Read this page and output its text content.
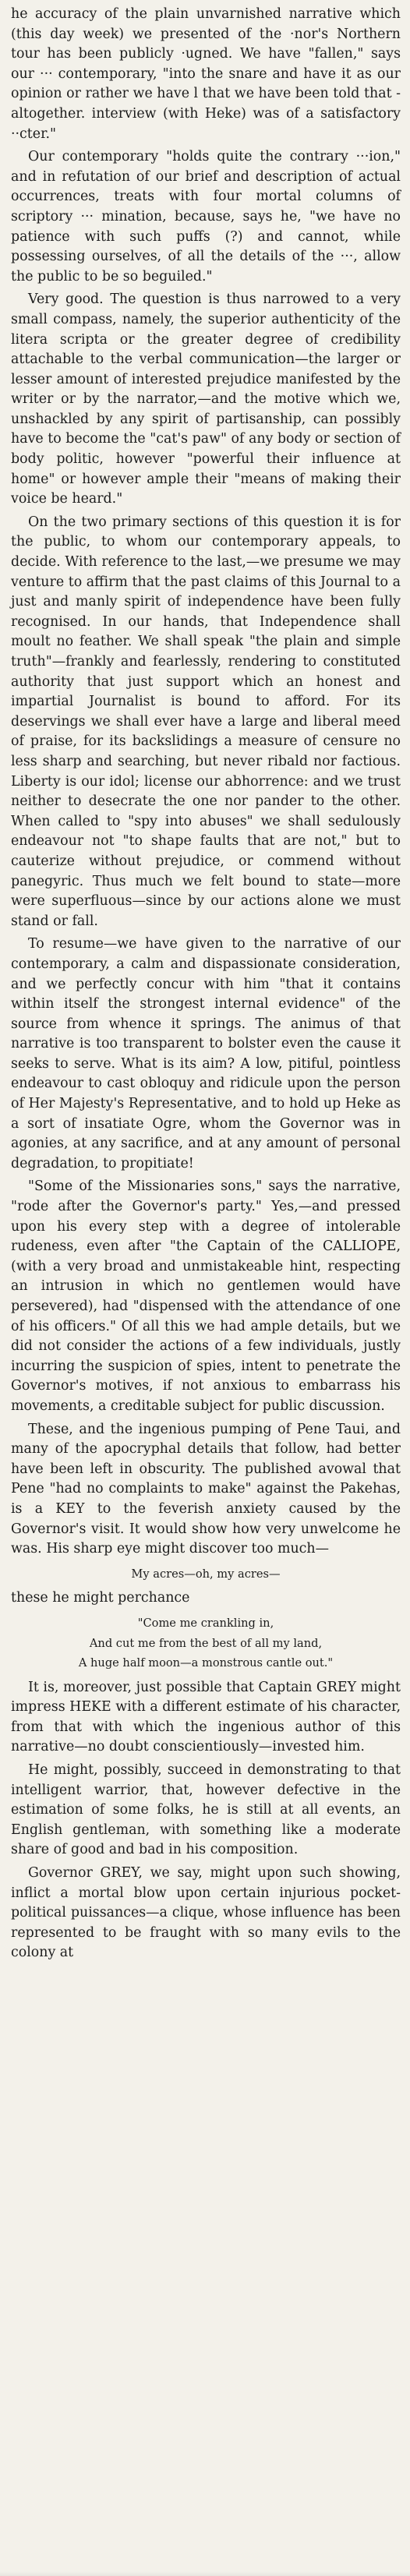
he accuracy of the plain unvarnished narrative which (this day week) we presented of the ·nor's Northern tour has been publicly ·ugned. We have "fallen," says our ··· contemporary, "into the snare and have it as our opinion or rather we have l that we have been told that - altogether. interview (with Heke) was of a satisfactory ··cter."

Our contemporary "holds quite the contrary ···ion," and in refutation of our brief and description of actual occurrences, treats with four mortal columns of scriptory ··· mination, because, says he, "we have no patience with such puffs (?) and cannot, while possessing ourselves, of all the details of the ···, allow the public to be so beguiled."

Very good. The question is thus narrowed to a very small compass, namely, the superior authenticity of the litera scripta or the greater degree of credibility attachable to the verbal communication—the larger or lesser amount of interested prejudice manifested by the writer or by the narrator,—and the motive which we, unshackled by any spirit of partisanship, can possibly have to become the "cat's paw" of any body or section of body politic, however "powerful their influence at home" or however ample their "means of making their voice be heard."

On the two primary sections of this question it is for the public, to whom our contemporary appeals, to decide. With reference to the last,—we presume we may venture to affirm that the past claims of this Journal to a just and manly spirit of independence have been fully recognised. In our hands, that Independence shall moult no feather. We shall speak "the plain and simple truth"—frankly and fearlessly, rendering to constituted authority that just support which an honest and impartial Journalist is bound to afford. For its deservings we shall ever have a large and liberal meed of praise, for its backslidings a measure of censure no less sharp and searching, but never ribald nor factious. Liberty is our idol; license our abhorrence: and we trust neither to desecrate the one nor pander to the other. When called to "spy into abuses" we shall sedulously endeavour not "to shape faults that are not," but to cauterize without prejudice, or commend without panegyric. Thus much we felt bound to state—more were superfluous—since by our actions alone we must stand or fall.

To resume—we have given to the narrative of our contemporary, a calm and dispassionate consideration, and we perfectly concur with him "that it contains within itself the strongest internal evidence" of the source from whence it springs. The animus of that narrative is too transparent to bolster even the cause it seeks to serve. What is its aim? A low, pitiful, pointless endeavour to cast obloquy and ridicule upon the person of Her Majesty's Representative, and to hold up Heke as a sort of insatiate Ogre, whom the Governor was in agonies, at any sacrifice, and at any amount of personal degradation, to propitiate!

"Some of the Missionaries sons," says the narrative, "rode after the Governor's party." Yes,—and pressed upon his every step with a degree of intolerable rudeness, even after "the Captain of the CALLIOPE, (with a very broad and unmistakeable hint, respecting an intrusion in which no gentlemen would have persevered), had "dispensed with the attendance of one of his officers." Of all this we had ample details, but we did not consider the actions of a few individuals, justly incurring the suspicion of spies, intent to penetrate the Governor's motives, if not anxious to embarrass his movements, a creditable subject for public discussion.

These, and the ingenious pumping of Pene Taui, and many of the apocryphal details that follow, had better have been left in obscurity. The published avowal that Pene "had no complaints to make" against the Pakehas, is a KEY to the feverish anxiety caused by the Governor's visit. It would show how very unwelcome he was. His sharp eye might discover too much—

My acres—oh, my acres—
these he might perchance
"Come me crankling in,
And cut me from the best of all my land,
A huge half moon—a monstrous cantle out."

It is, moreover, just possible that Captain GREY might impress HEKE with a different estimate of his character, from that with which the ingenious author of this narrative—no doubt conscientiously—invested him.

He might, possibly, succeed in demonstrating to that intelligent warrior, that, however defective in the estimation of some folks, he is still at all events, an English gentleman, with something like a moderate share of good and bad in his composition.

Governor GREY, we say, might upon such showing, inflict a mortal blow upon certain injurious pocket-political puissances—a clique, whose influence has been represented to be fraught with so many evils to the colony at
